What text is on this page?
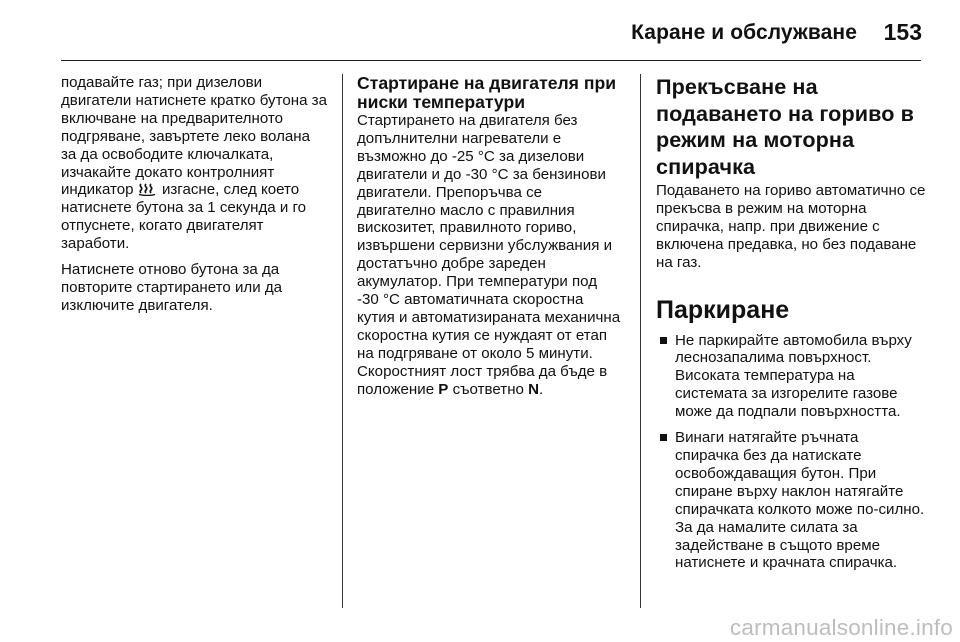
Каране и обслужване 153

подавайте газ; при дизелови двигатели натиснете кратко бутона за включване на предварителното подгряване, завъртете леко волана за да освободите ключалката, изчакайте докато контролният индикатор изгасне, след което натиснете бутона за 1 секунда и го отпуснете, когато двигателят заработи.

Натиснете отново бутона за да повторите стартирането или да изключите двигателя.

Стартиране на двигателя при ниски температури

Стартирането на двигателя без допълнителни нагреватели е възможно до -25 °C за дизелови двигатели и до -30 °C за бензинови двигатели. Препоръчва се двигателно масло с правилния вискозитет, правилното гориво, извършени сервизни убслужвания и достатъчно добре зареден акумулатор. При температури под -30 °C автоматичната скоростна кутия и автоматизираната механична скоростна кутия се нуждаят от етап на подгряване от около 5 минути. Скоростният лост трябва да бъде в положение P съответно N.

Прекъсване на подаването на гориво в режим на моторна спирачка

Подаването на гориво автоматично се прекъсва в режим на моторна спирачка, напр. при движение с включена предавка, но без подаване на газ.

Паркиране
Не паркирайте автомобила върху леснозапалима повърхност. Високата температура на системата за изгорелите газове може да подпали повърхността.
Винаги натягайте ръчната спирачка без да натискате освобождаващия бутон. При спиране върху наклон натягайте спирачката колкото може по-силно. За да намалите силата за задействане в същото време натиснете и крачната спирачка.
carmanualsonline.info
